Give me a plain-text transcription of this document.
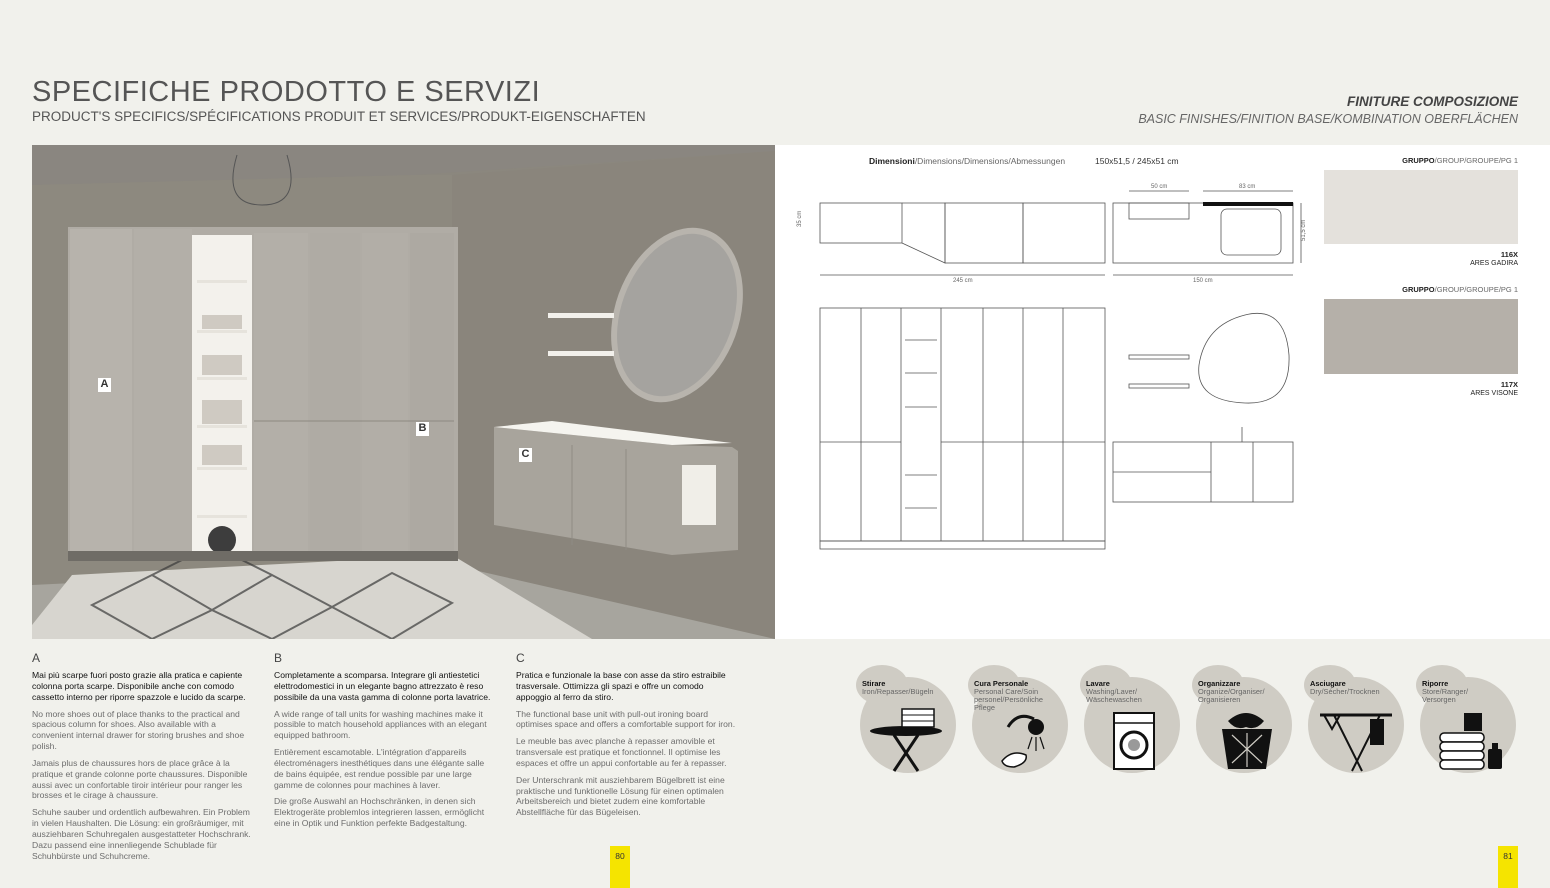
SPECIFICHE PRODOTTO E SERVIZI
PRODUCT'S SPECIFICS/SPÉCIFICATIONS PRODUIT ET SERVICES/PRODUKT-EIGENSCHAFTEN
FINITURE COMPOSIZIONE
BASIC FINISHES/FINITION BASE/KOMBINATION OBERFLÄCHEN
A
B
C
Dimensioni/Dimensions/Dimensions/Abmessungen	150x51,5 / 245x51 cm
245 cm	150 cm
50 cm	83 cm
35 cm
51,5 cm
GRUPPO/GROUP/GROUPE/PG 1
116X
ARES GADIRA
GRUPPO/GROUP/GROUPE/PG 1
117X
ARES VISONE
A
Mai più scarpe fuori posto grazie alla pratica e capiente colonna porta scarpe. Disponibile anche con comodo cassetto interno per riporre spazzole e lucido da scarpe.
No more shoes out of place thanks to the practical and spacious column for shoes. Also available with a convenient internal drawer for storing brushes and shoe polish.
Jamais plus de chaussures hors de place grâce à la pratique et grande colonne porte chaussures. Disponible aussi avec un confortable tiroir intérieur pour ranger les brosses et le cirage à chaussure.
Schuhe sauber und ordentlich aufbewahren. Ein Problem in vielen Haushalten. Die Lösung: ein großräumiger, mit ausziehbaren Schuhregalen ausgestatteter Hochschrank. Dazu passend eine innenliegende Schublade für Schuhbürste und Schuhcreme.
B
Completamente a scomparsa. Integrare gli antiestetici elettrodomestici in un elegante bagno attrezzato è reso possibile da una vasta gamma di colonne porta lavatrice.
A wide range of tall units for washing machines make it possible to match household appliances with an elegant equipped bathroom.
Entièrement escamotable. L'intégration d'appareils électroménagers inesthétiques dans une élégante salle de bains équipée, est rendue possible par une large gamme de colonnes pour machines à laver.
Die große Auswahl an Hochschränken, in denen sich Elektrogeräte problemlos integrieren lassen, ermöglicht eine in Optik und Funktion perfekte Badgestaltung.
C
Pratica e funzionale la base con asse da stiro estraibile trasversale. Ottimizza gli spazi e offre un comodo appoggio al ferro da stiro.
The functional base unit with pull-out ironing board optimises space and offers a comfortable support for iron.
Le meuble bas avec planche à repasser amovible et transversale est pratique et fonctionnel. Il optimise les espaces et offre un appui confortable au fer à repasser.
Der Unterschrank mit ausziehbarem Bügelbrett ist eine praktische und funktionelle Lösung für einen optimalen Arbeitsbereich und bietet zudem eine komfortable Abstellfläche für das Bügeleisen.
Stirare
Iron/Repasser/Bügeln
Cura Personale
Personal Care/Soin personel/Persönliche
Pflege
Lavare
Washing/Laver/
Wäschewaschen
Organizzare
Organize/Organiser/
Organisieren
Asciugare
Dry/Sécher/Trocknen
Riporre
Store/Ranger/
Versorgen
80	81
